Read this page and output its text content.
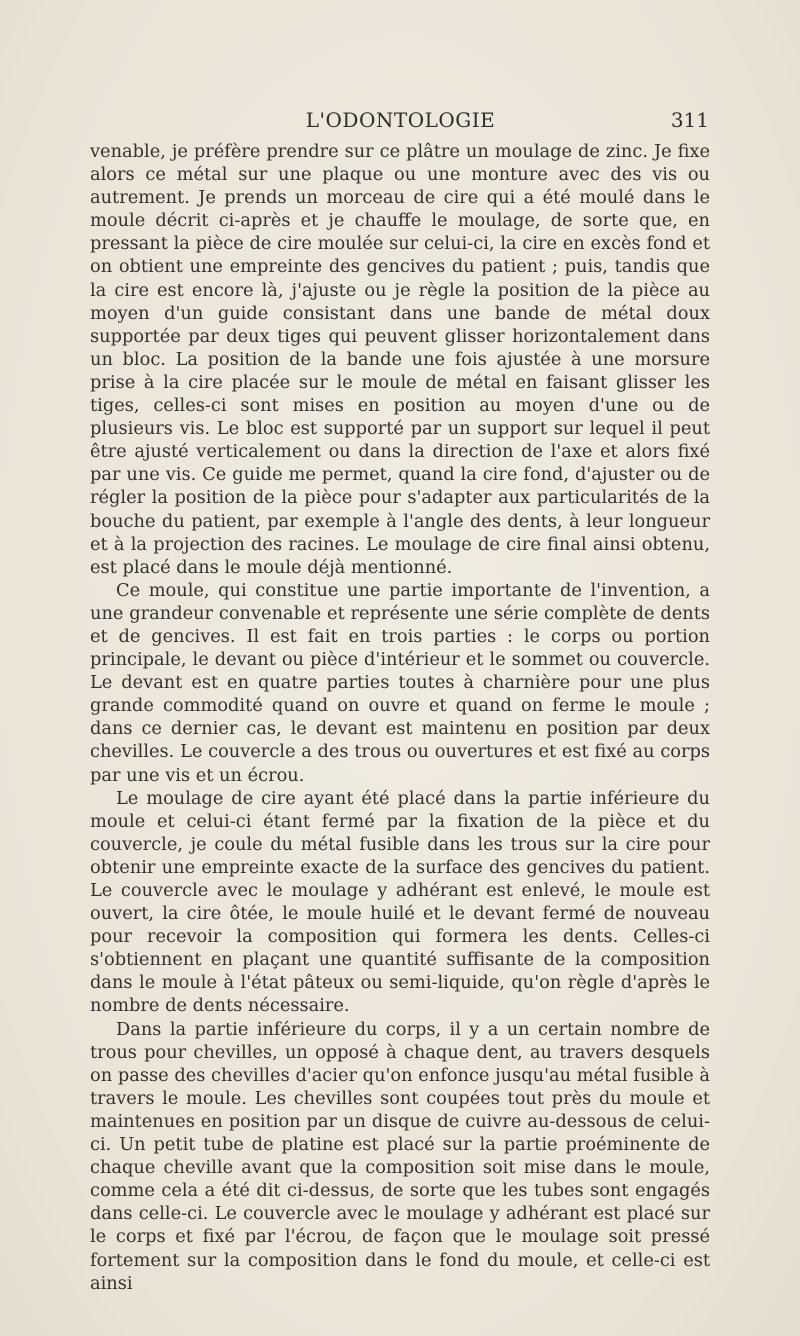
L'ODONTOLOGIE	311

venable, je préfère prendre sur ce plâtre un moulage de zinc. Je fixe alors ce métal sur une plaque ou une monture avec des vis ou autrement. Je prends un morceau de cire qui a été moulé dans le moule décrit ci-après et je chauffe le moulage, de sorte que, en pressant la pièce de cire moulée sur celui-ci, la cire en excès fond et on obtient une empreinte des gencives du patient ; puis, tandis que la cire est encore là, j'ajuste ou je règle la position de la pièce au moyen d'un guide consistant dans une bande de métal doux supportée par deux tiges qui peuvent glisser horizontalement dans un bloc. La position de la bande une fois ajustée à une morsure prise à la cire placée sur le moule de métal en faisant glisser les tiges, celles-ci sont mises en position au moyen d'une ou de plusieurs vis. Le bloc est supporté par un support sur lequel il peut être ajusté verticalement ou dans la direction de l'axe et alors fixé par une vis. Ce guide me permet, quand la cire fond, d'ajuster ou de régler la position de la pièce pour s'adapter aux particularités de la bouche du patient, par exemple à l'angle des dents, à leur longueur et à la projection des racines. Le moulage de cire final ainsi obtenu, est placé dans le moule déjà mentionné.

Ce moule, qui constitue une partie importante de l'invention, a une grandeur convenable et représente une série complète de dents et de gencives. Il est fait en trois parties : le corps ou portion principale, le devant ou pièce d'intérieur et le sommet ou couvercle. Le devant est en quatre parties toutes à charnière pour une plus grande commodité quand on ouvre et quand on ferme le moule ; dans ce dernier cas, le devant est maintenu en position par deux chevilles. Le couvercle a des trous ou ouvertures et est fixé au corps par une vis et un écrou.

Le moulage de cire ayant été placé dans la partie inférieure du moule et celui-ci étant fermé par la fixation de la pièce et du couvercle, je coule du métal fusible dans les trous sur la cire pour obtenir une empreinte exacte de la surface des gencives du patient. Le couvercle avec le moulage y adhérant est enlevé, le moule est ouvert, la cire ôtée, le moule huilé et le devant fermé de nouveau pour recevoir la composition qui formera les dents. Celles-ci s'obtiennent en plaçant une quantité suffisante de la composition dans le moule à l'état pâteux ou semi-liquide, qu'on règle d'après le nombre de dents nécessaire.

Dans la partie inférieure du corps, il y a un certain nombre de trous pour chevilles, un opposé à chaque dent, au travers desquels on passe des chevilles d'acier qu'on enfonce jusqu'au métal fusible à travers le moule. Les chevilles sont coupées tout près du moule et maintenues en position par un disque de cuivre au-dessous de celui-ci. Un petit tube de platine est placé sur la partie proéminente de chaque cheville avant que la composition soit mise dans le moule, comme cela a été dit ci-dessus, de sorte que les tubes sont engagés dans celle-ci. Le couvercle avec le moulage y adhérant est placé sur le corps et fixé par l'écrou, de façon que le moulage soit pressé fortement sur la composition dans le fond du moule, et celle-ci est ainsi
